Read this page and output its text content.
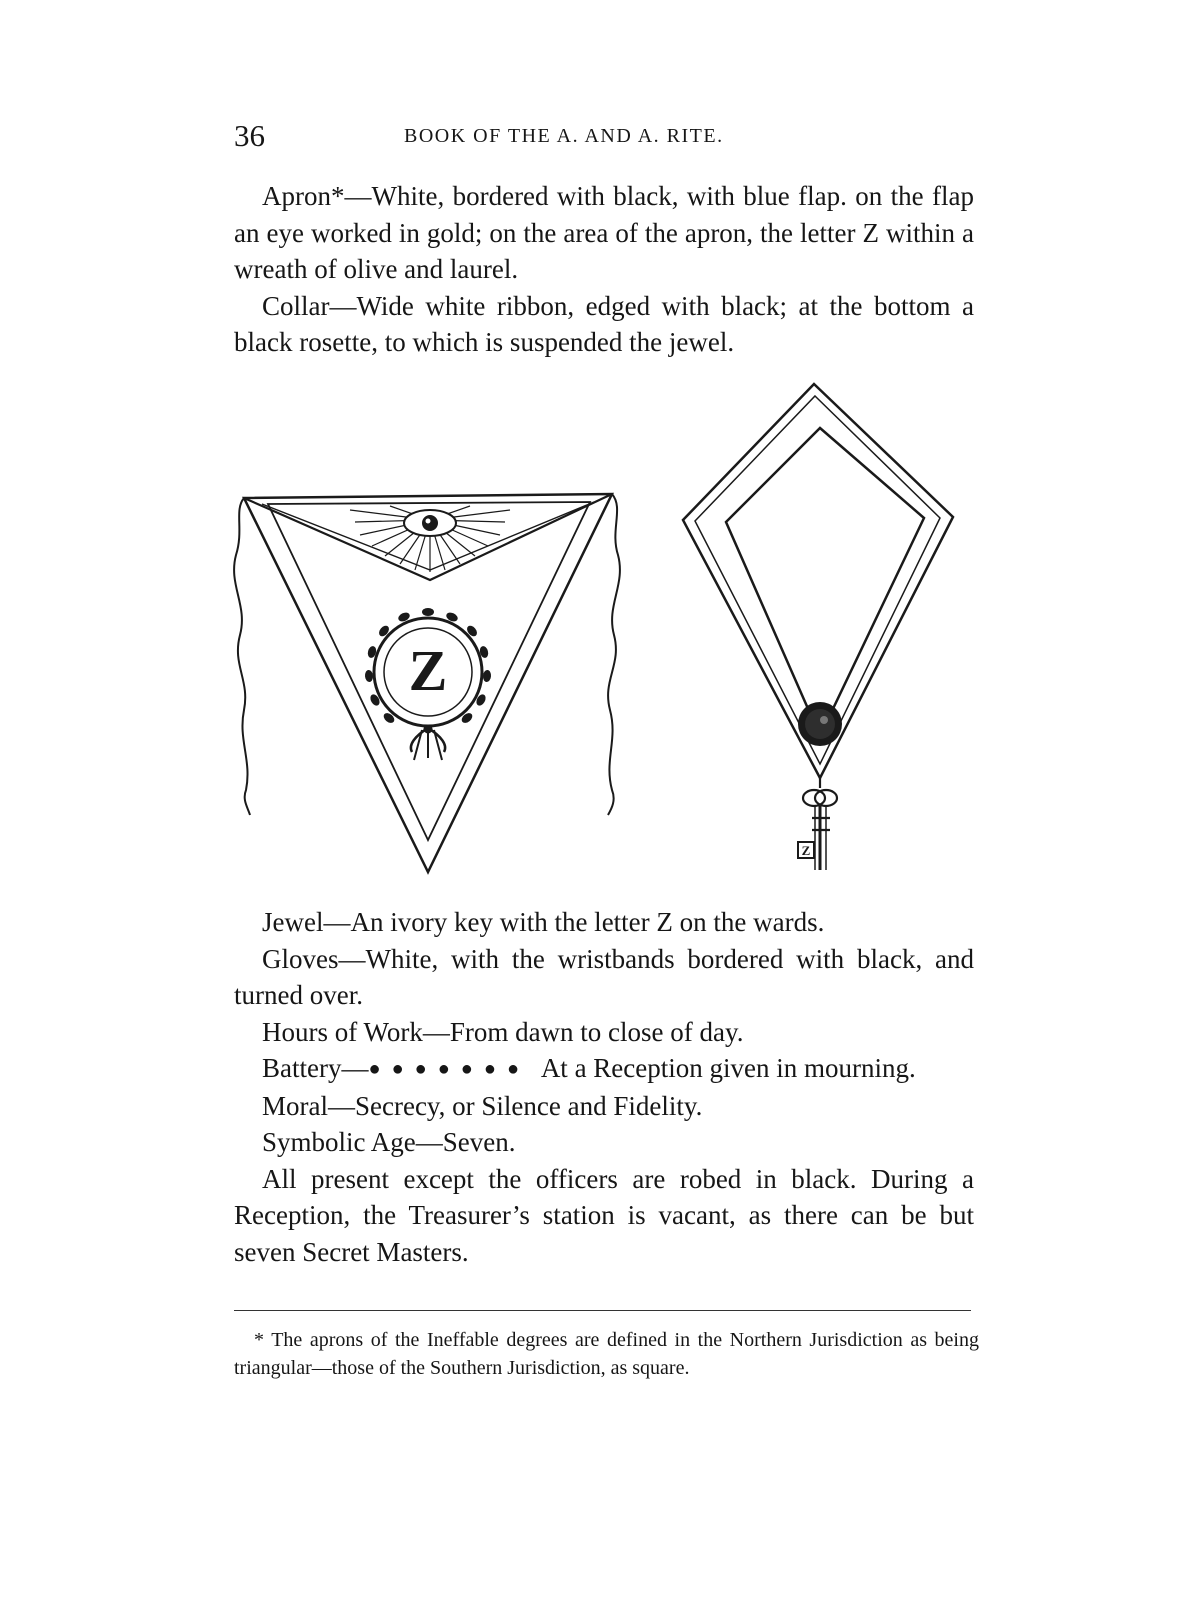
36	BOOK OF THE A. AND A. RITE.

Apron*—White, bordered with black, with blue flap. on the flap an eye worked in gold; on the area of the apron, the letter Z within a wreath of olive and laurel.

Collar—Wide white ribbon, edged with black; at the bottom a black rosette, to which is suspended the jewel.

Z
Z

Jewel—An ivory key with the letter Z on the wards.

Gloves—White, with the wristbands bordered with black, and turned over.

Hours of Work—From dawn to close of day.

Battery—● ● ● ● ● ● ● At a Reception given in mourning.

Moral—Secrecy, or Silence and Fidelity.

Symbolic Age—Seven.

All present except the officers are robed in black. During a Reception, the Treasurer’s station is vacant, as there can be but seven Secret Masters.

* The aprons of the Ineffable degrees are defined in the Northern Jurisdiction as being triangular—those of the Southern Jurisdiction, as square.
